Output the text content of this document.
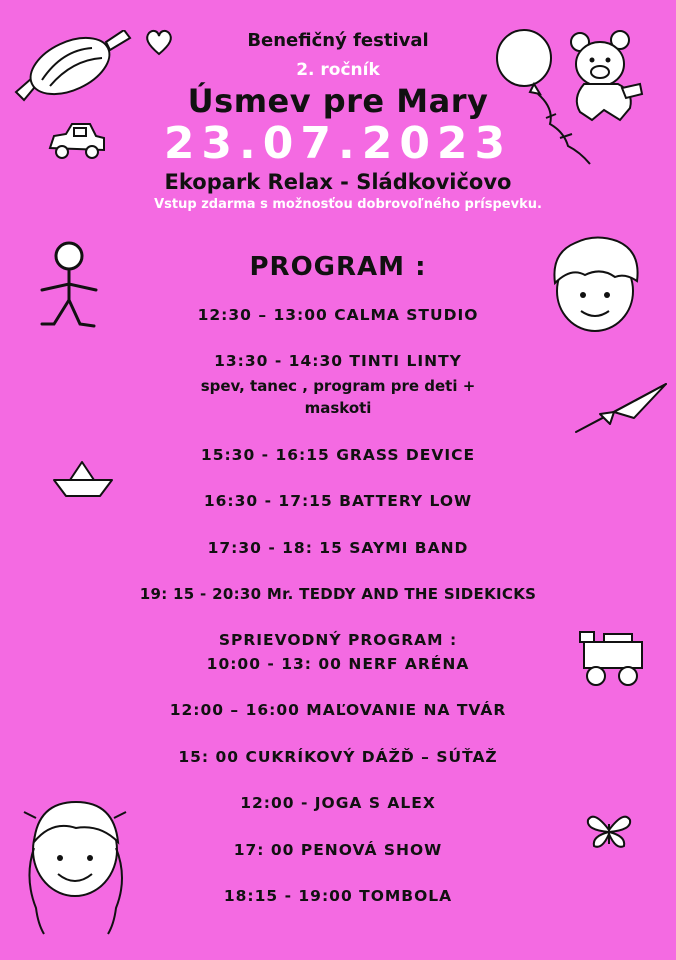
Benefičný festival
2. ročník
Úsmev pre Mary
23.07.2023
Ekopark Relax - Sládkovičovo
Vstup zdarma s možnosťou dobrovoľného príspevku.
PROGRAM :
12:30 – 13:00 CALMA STUDIO
13:30 - 14:30 TINTI LINTY
spev, tanec , program pre deti +
maskoti
15:30 - 16:15 GRASS DEVICE
16:30 - 17:15 BATTERY LOW
17:30 - 18: 15 SAYMI BAND
19: 15 - 20:30 Mr. TEDDY AND THE SIDEKICKS
SPRIEVODNÝ PROGRAM :
10:00 - 13: 00 NERF ARÉNA
12:00 – 16:00 MAĽOVANIE NA TVÁR
15: 00 CUKRÍKOVÝ DÁŽĎ – SÚŤAŽ
12:00 - JOGA S ALEX
17: 00 PENOVÁ SHOW
18:15 - 19:00 TOMBOLA
